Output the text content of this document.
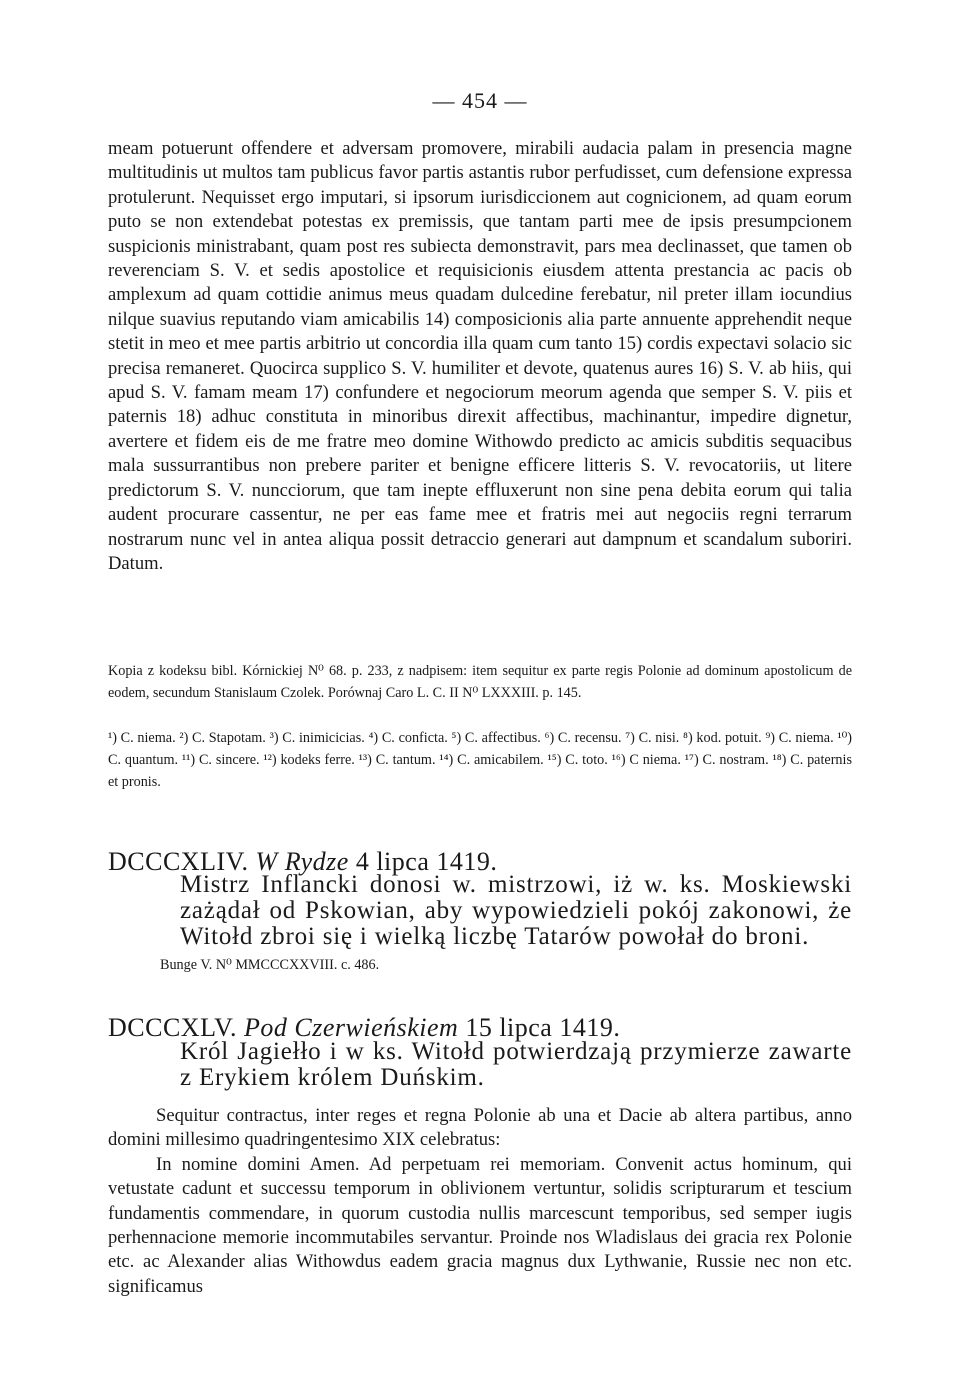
— 454 —

meam potuerunt offendere et adversam promovere, mirabili audacia palam in presencia magne multitudinis ut multos tam publicus favor partis astantis rubor perfudisset, cum defensione expressa protulerunt. Nequisset ergo imputari, si ipsorum iurisdiccionem aut cognicionem, ad quam eorum puto se non extendebat potestas ex premissis, que tantam parti mee de ipsis presumpcionem suspicionis ministrabant, quam post res subiecta demonstravit, pars mea declinasset, que tamen ob reverenciam S. V. et sedis apostolice et requisicionis eiusdem attenta prestancia ac pacis ob amplexum ad quam cottidie animus meus quadam dulcedine ferebatur, nil preter illam iocundius nilque suavius reputando viam amicabilis 14) composicionis alia parte annuente apprehendit neque stetit in meo et mee partis arbitrio ut concordia illa quam cum tanto 15) cordis expectavi solacio sic precisa remaneret. Quocirca supplico S. V. humiliter et devote, quatenus aures 16) S. V. ab hiis, qui apud S. V. famam meam 17) confundere et negociorum meorum agenda que semper S. V. piis et paternis 18) adhuc constituta in minoribus direxit affectibus, machinantur, impedire dignetur, avertere et fidem eis de me fratre meo domine Withowdo predicto ac amicis subditis sequacibus mala sussurrantibus non prebere pariter et benigne efficere litteris S. V. revocatoriis, ut litere predictorum S. V. nuncciorum, que tam inepte effluxerunt non sine pena debita eorum qui talia audent procurare cassentur, ne per eas fame mee et fratris mei aut negociis regni terrarum nostrarum nunc vel in antea aliqua possit detraccio generari aut dampnum et scandalum suboriri. Datum.

Kopia z kodeksu bibl. Kórnickiej N⁰ 68. p. 233, z nadpisem: item sequitur ex parte regis Polonie ad dominum apostolicum de eodem, secundum Stanislaum Czolek. Porównaj Caro L. C. II N⁰ LXXXIII. p. 145.

¹) C. niema. ²) C. Stapotam. ³) C. inimicicias. ⁴) C. conficta. ⁵) C. affectibus. ⁶) C. recensu. ⁷) C. nisi. ⁸) kod. potuit. ⁹) C. niema. ¹⁰) C. quantum. ¹¹) C. sincere. ¹²) kodeks ferre. ¹³) C. tantum. ¹⁴) C. amicabilem. ¹⁵) C. toto. ¹⁶) C niema. ¹⁷) C. nostram. ¹⁸) C. paternis et pronis.

DCCCXLIV. W Rydze 4 lipca 1419.

Mistrz Inflancki donosi w. mistrzowi, iż w. ks. Moskiewski zażądał od Pskowian, aby wypowiedzieli pokój zakonowi, że Witołd zbroi się i wielką liczbę Tatarów powołał do broni.

Bunge V. N⁰ MMCCCXXVIII. c. 486.
DCCCXLV. Pod Czerwieńskiem 15 lipca 1419.

Król Jagiełło i w ks. Witołd potwierdzają przymierze zawarte z Erykiem królem Duńskim.

Sequitur contractus, inter reges et regna Polonie ab una et Dacie ab altera partibus, anno domini millesimo quadringentesimo XIX celebratus:

In nomine domini Amen. Ad perpetuam rei memoriam. Convenit actus hominum, qui vetustate cadunt et successu temporum in oblivionem vertuntur, solidis scripturarum et tescium fundamentis commendare, in quorum custodia nullis marcescunt temporibus, sed semper iugis perhennacione memorie incommutabiles servantur. Proinde nos Wladislaus dei gracia rex Polonie etc. ac Alexander alias Withowdus eadem gracia magnus dux Lythwanie, Russie nec non etc. significamus
